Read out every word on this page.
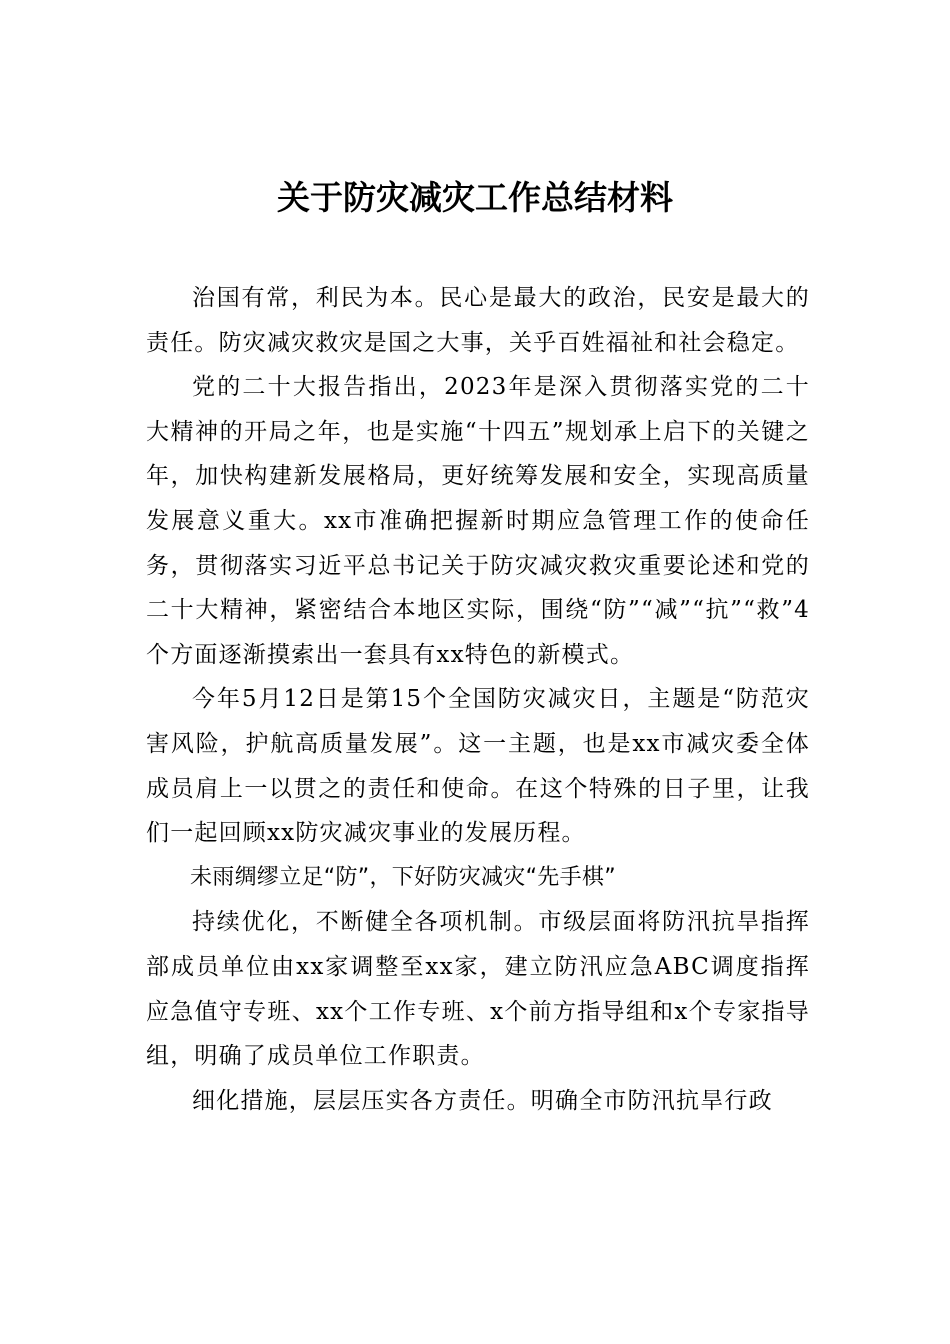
关于防灾减灾工作总结材料

治国有常，利民为本。民心是最大的政治，民安是最大的责任。防灾减灾救灾是国之大事，关乎百姓福祉和社会稳定。

党的二十大报告指出，2023年是深入贯彻落实党的二十大精神的开局之年，也是实施“十四五”规划承上启下的关键之年，加快构建新发展格局，更好统筹发展和安全，实现高质量发展意义重大。xx市准确把握新时期应急管理工作的使命任务，贯彻落实习近平总书记关于防灾减灾救灾重要论述和党的二十大精神，紧密结合本地区实际，围绕“防”“减”“抗”“救”4个方面逐渐摸索出一套具有xx特色的新模式。

今年5月12日是第15个全国防灾减灾日，主题是“防范灾害风险，护航高质量发展”。这一主题，也是xx市减灾委全体成员肩上一以贯之的责任和使命。在这个特殊的日子里，让我们一起回顾xx防灾减灾事业的发展历程。

未雨绸缪立足“防”，下好防灾减灾“先手棋”

持续优化，不断健全各项机制。市级层面将防汛抗旱指挥部成员单位由xx家调整至xx家，建立防汛应急ABC调度指挥应急值守专班、xx个工作专班、x个前方指导组和x个专家指导组，明确了成员单位工作职责。

细化措施，层层压实各方责任。明确全市防汛抗旱行政
